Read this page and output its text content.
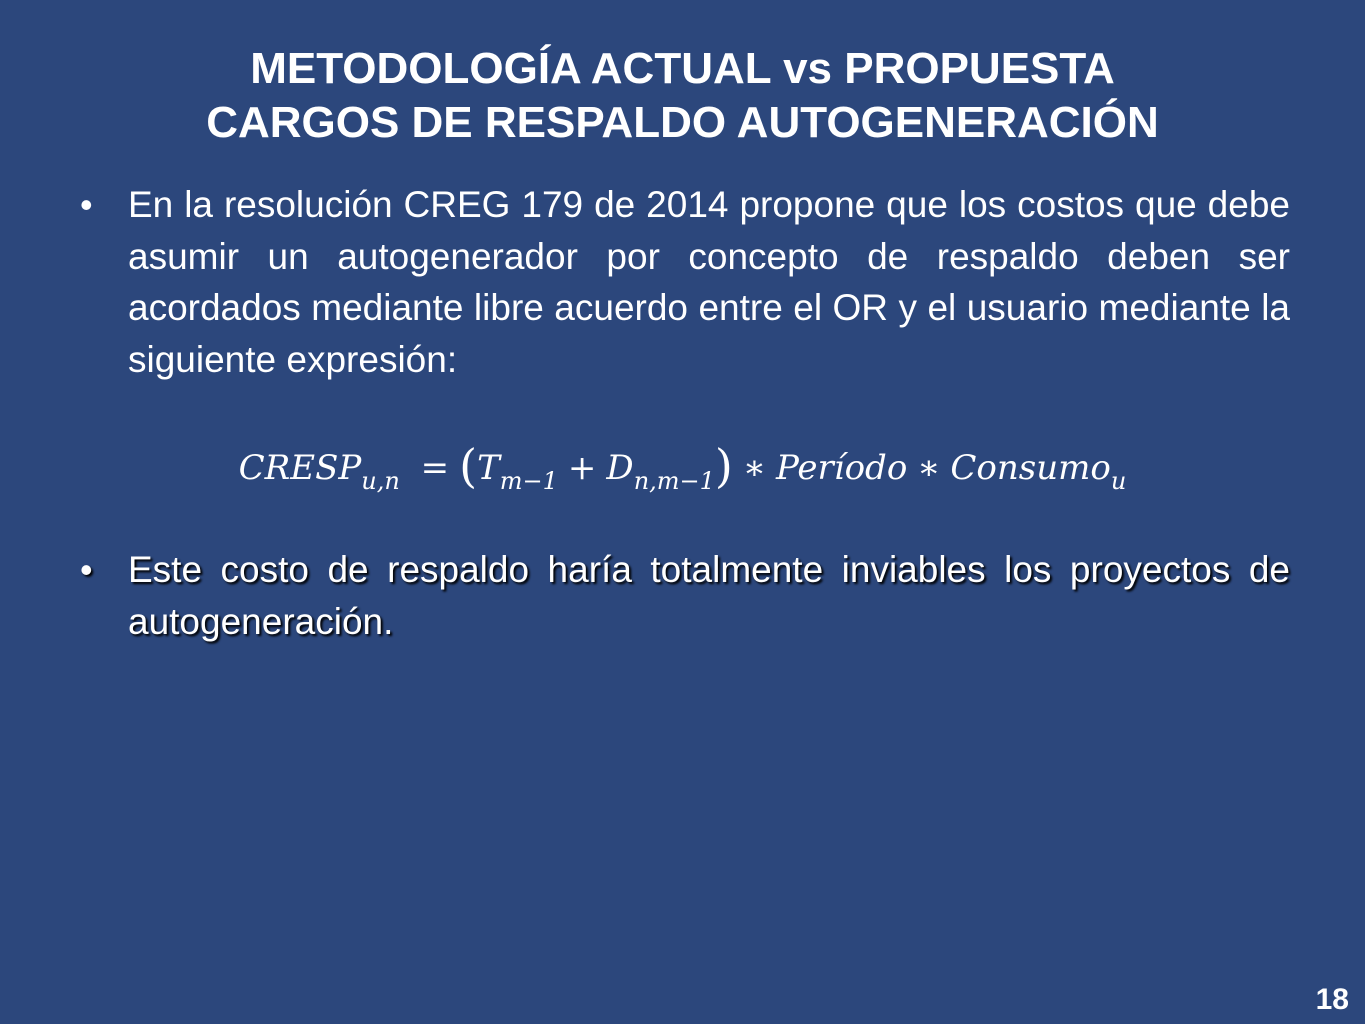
METODOLOGÍA ACTUAL vs PROPUESTA
CARGOS DE RESPALDO AUTOGENERACIÓN
• En la resolución CREG 179 de 2014 propone que los costos que debe asumir un autogenerador por concepto de respaldo deben ser acordados mediante libre acuerdo entre el OR y el usuario mediante la siguiente expresión:
$CRESP_{u,n} = (T_{m-1} + D_{n,m-1})$ ∗ Período ∗ Consumo$_u$
• Este costo de respaldo haría totalmente inviables los proyectos de autogeneración.
18
